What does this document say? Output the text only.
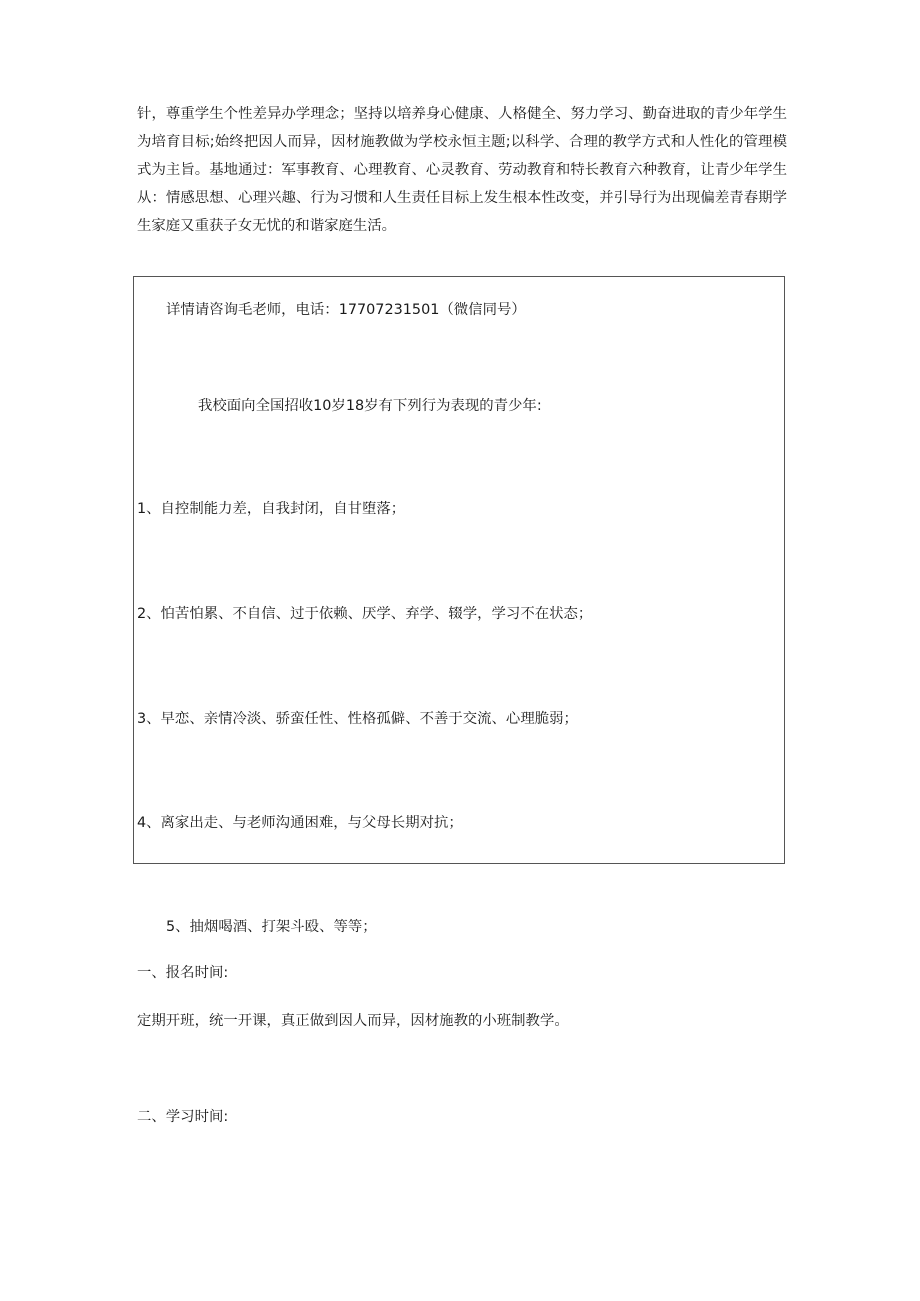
针，尊重学生个性差异办学理念；坚持以培养身心健康、人格健全、努力学习、勤奋进取的青少年学生为培育目标;始终把因人而异，因材施教做为学校永恒主题;以科学、合理的教学方式和人性化的管理模式为主旨。基地通过：军事教育、心理教育、心灵教育、劳动教育和特长教育六种教育，让青少年学生从：情感思想、心理兴趣、行为习惯和人生责任目标上发生根本性改变，并引导行为出现偏差青春期学生家庭又重获子女无忧的和谐家庭生活。

详情请咨询毛老师，电话：17707231501（微信同号）

我校面向全国招收10岁18岁有下列行为表现的青少年:

1、自控制能力差，自我封闭，自甘堕落；

2、怕苦怕累、不自信、过于依赖、厌学、弃学、辍学，学习不在状态；

3、早恋、亲情冷淡、骄蛮任性、性格孤僻、不善于交流、心理脆弱；

4、离家出走、与老师沟通困难，与父母长期对抗；

5、抽烟喝酒、打架斗殴、等等；

一、报名时间:

定期开班，统一开课，真正做到因人而异，因材施教的小班制教学。

二、学习时间:
